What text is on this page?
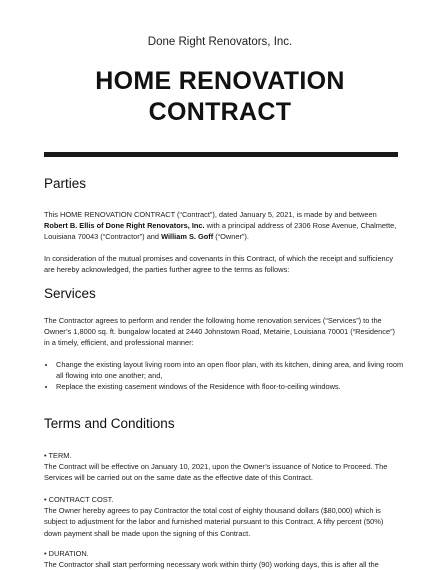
Done Right Renovators, Inc.
HOME RENOVATION
CONTRACT
Parties
This HOME RENOVATION CONTRACT (“Contract”), dated January 5, 2021, is made by and between Robert B. Ellis of Done Right Renovators, Inc. with a principal address of 2306 Rose Avenue, Chalmette, Louisiana 70043 (“Contractor”) and William S. Goff (“Owner”).
In consideration of the mutual promises and covenants in this Contract, of which the receipt and sufficiency are hereby acknowledged, the parties further agree to the terms as follows:
Services
The Contractor agrees to perform and render the following home renovation services (“Services”) to the Owner’s 1,8000 sq. ft. bungalow located at 2440 Johnstown Road, Metairie, Louisiana 70001 (“Residence”) in a timely, efficient, and professional manner:
• Change the existing layout living room into an open floor plan, with its kitchen, dining area, and living room all flowing into one another; and,
• Replace the existing casement windows of the Residence with floor-to-ceiling windows.
Terms and Conditions
• TERM.
The Contract will be effective on January 10, 2021, upon the Owner’s issuance of Notice to Proceed. The Services will be carried out on the same date as the effective date of this Contract.
• CONTRACT COST.
The Owner hereby agrees to pay Contractor the total cost of eighty thousand dollars ($80,000) which is subject to adjustment for the labor and furnished material pursuant to this Contract. A fifty percent (50%) down payment shall be made upon the signing of this Contract.
• DURATION.
The Contractor shall start performing necessary work within thirty (90) working days, this is after all the
